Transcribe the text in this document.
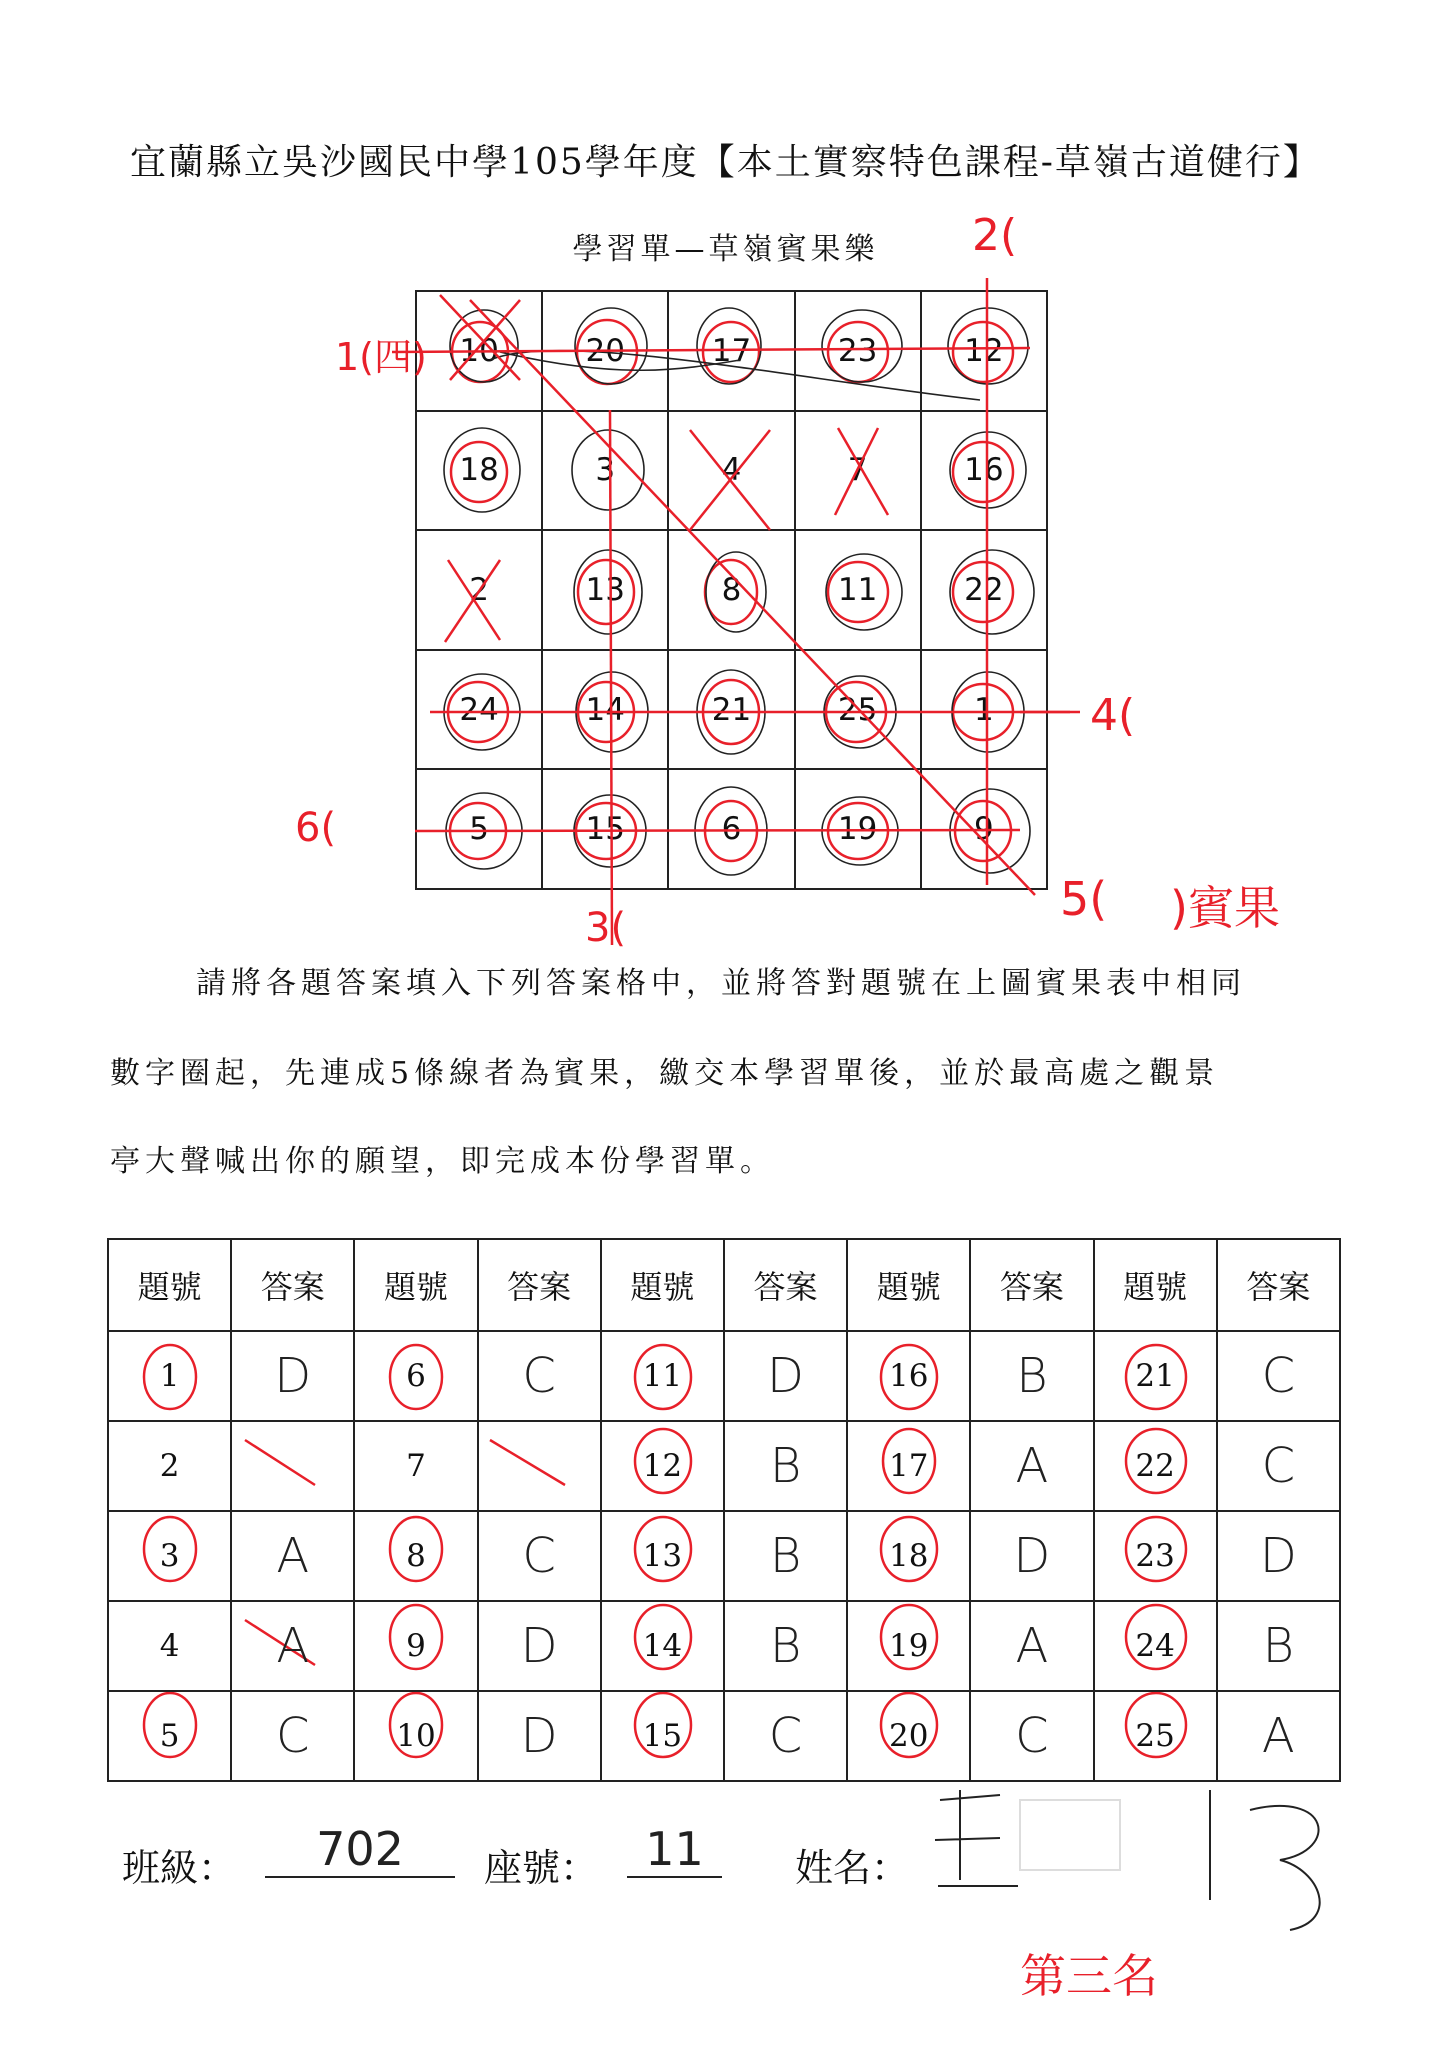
宜蘭縣立吳沙國民中學105學年度【本土實察特色課程-草嶺古道健行】
學習單—草嶺賓果樂
10	20	17	23	12
18	3	4	7	16
2	13	8	11	22
24	14	21	25	1
5	15	6	19	9
1(四)
2(
4(
6(
3(
5( )賓果
第三名
請將各題答案填入下列答案格中，並將答對題號在上圖賓果表中相同
數字圈起，先連成5條線者為賓果，繳交本學習單後，並於最高處之觀景
亭大聲喊出你的願望，即完成本份學習單。
題號	答案	題號	答案	題號	答案	題號	答案	題號	答案
1	D	6	C	11	D	16	B	21	C
2		7		12	B	17	A	22	C
3	A	8	C	13	B	18	D	23	D
4	A	9	D	14	B	19	A	24	B
5	C	10	D	15	C	20	C	25	A
班級：	702	座號：	11	姓名：
